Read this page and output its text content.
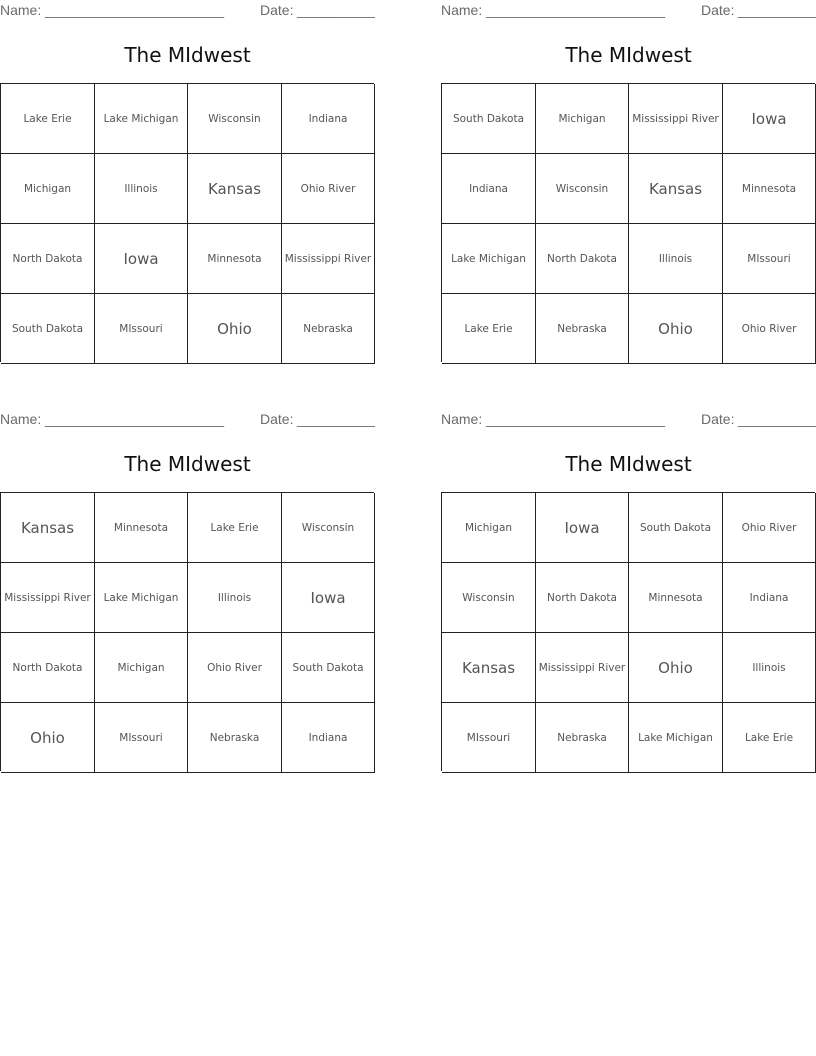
Name: _______________________	Date: __________
The MIdwest
Lake Erie	Lake Michigan	Wisconsin	Indiana
Michigan	Illinois	Kansas	Ohio River
North Dakota	Iowa	Minnesota	Mississippi River
South Dakota	MIssouri	Ohio	Nebraska
Name: _______________________	Date: __________
The MIdwest
South Dakota	Michigan	Mississippi River	Iowa
Indiana	Wisconsin	Kansas	Minnesota
Lake Michigan	North Dakota	Illinois	MIssouri
Lake Erie	Nebraska	Ohio	Ohio River
Name: _______________________	Date: __________
The MIdwest
Kansas	Minnesota	Lake Erie	Wisconsin
Mississippi River	Lake Michigan	Illinois	Iowa
North Dakota	Michigan	Ohio River	South Dakota
Ohio	MIssouri	Nebraska	Indiana
Name: _______________________	Date: __________
The MIdwest
Michigan	Iowa	South Dakota	Ohio River
Wisconsin	North Dakota	Minnesota	Indiana
Kansas	Mississippi River	Ohio	Illinois
MIssouri	Nebraska	Lake Michigan	Lake Erie
